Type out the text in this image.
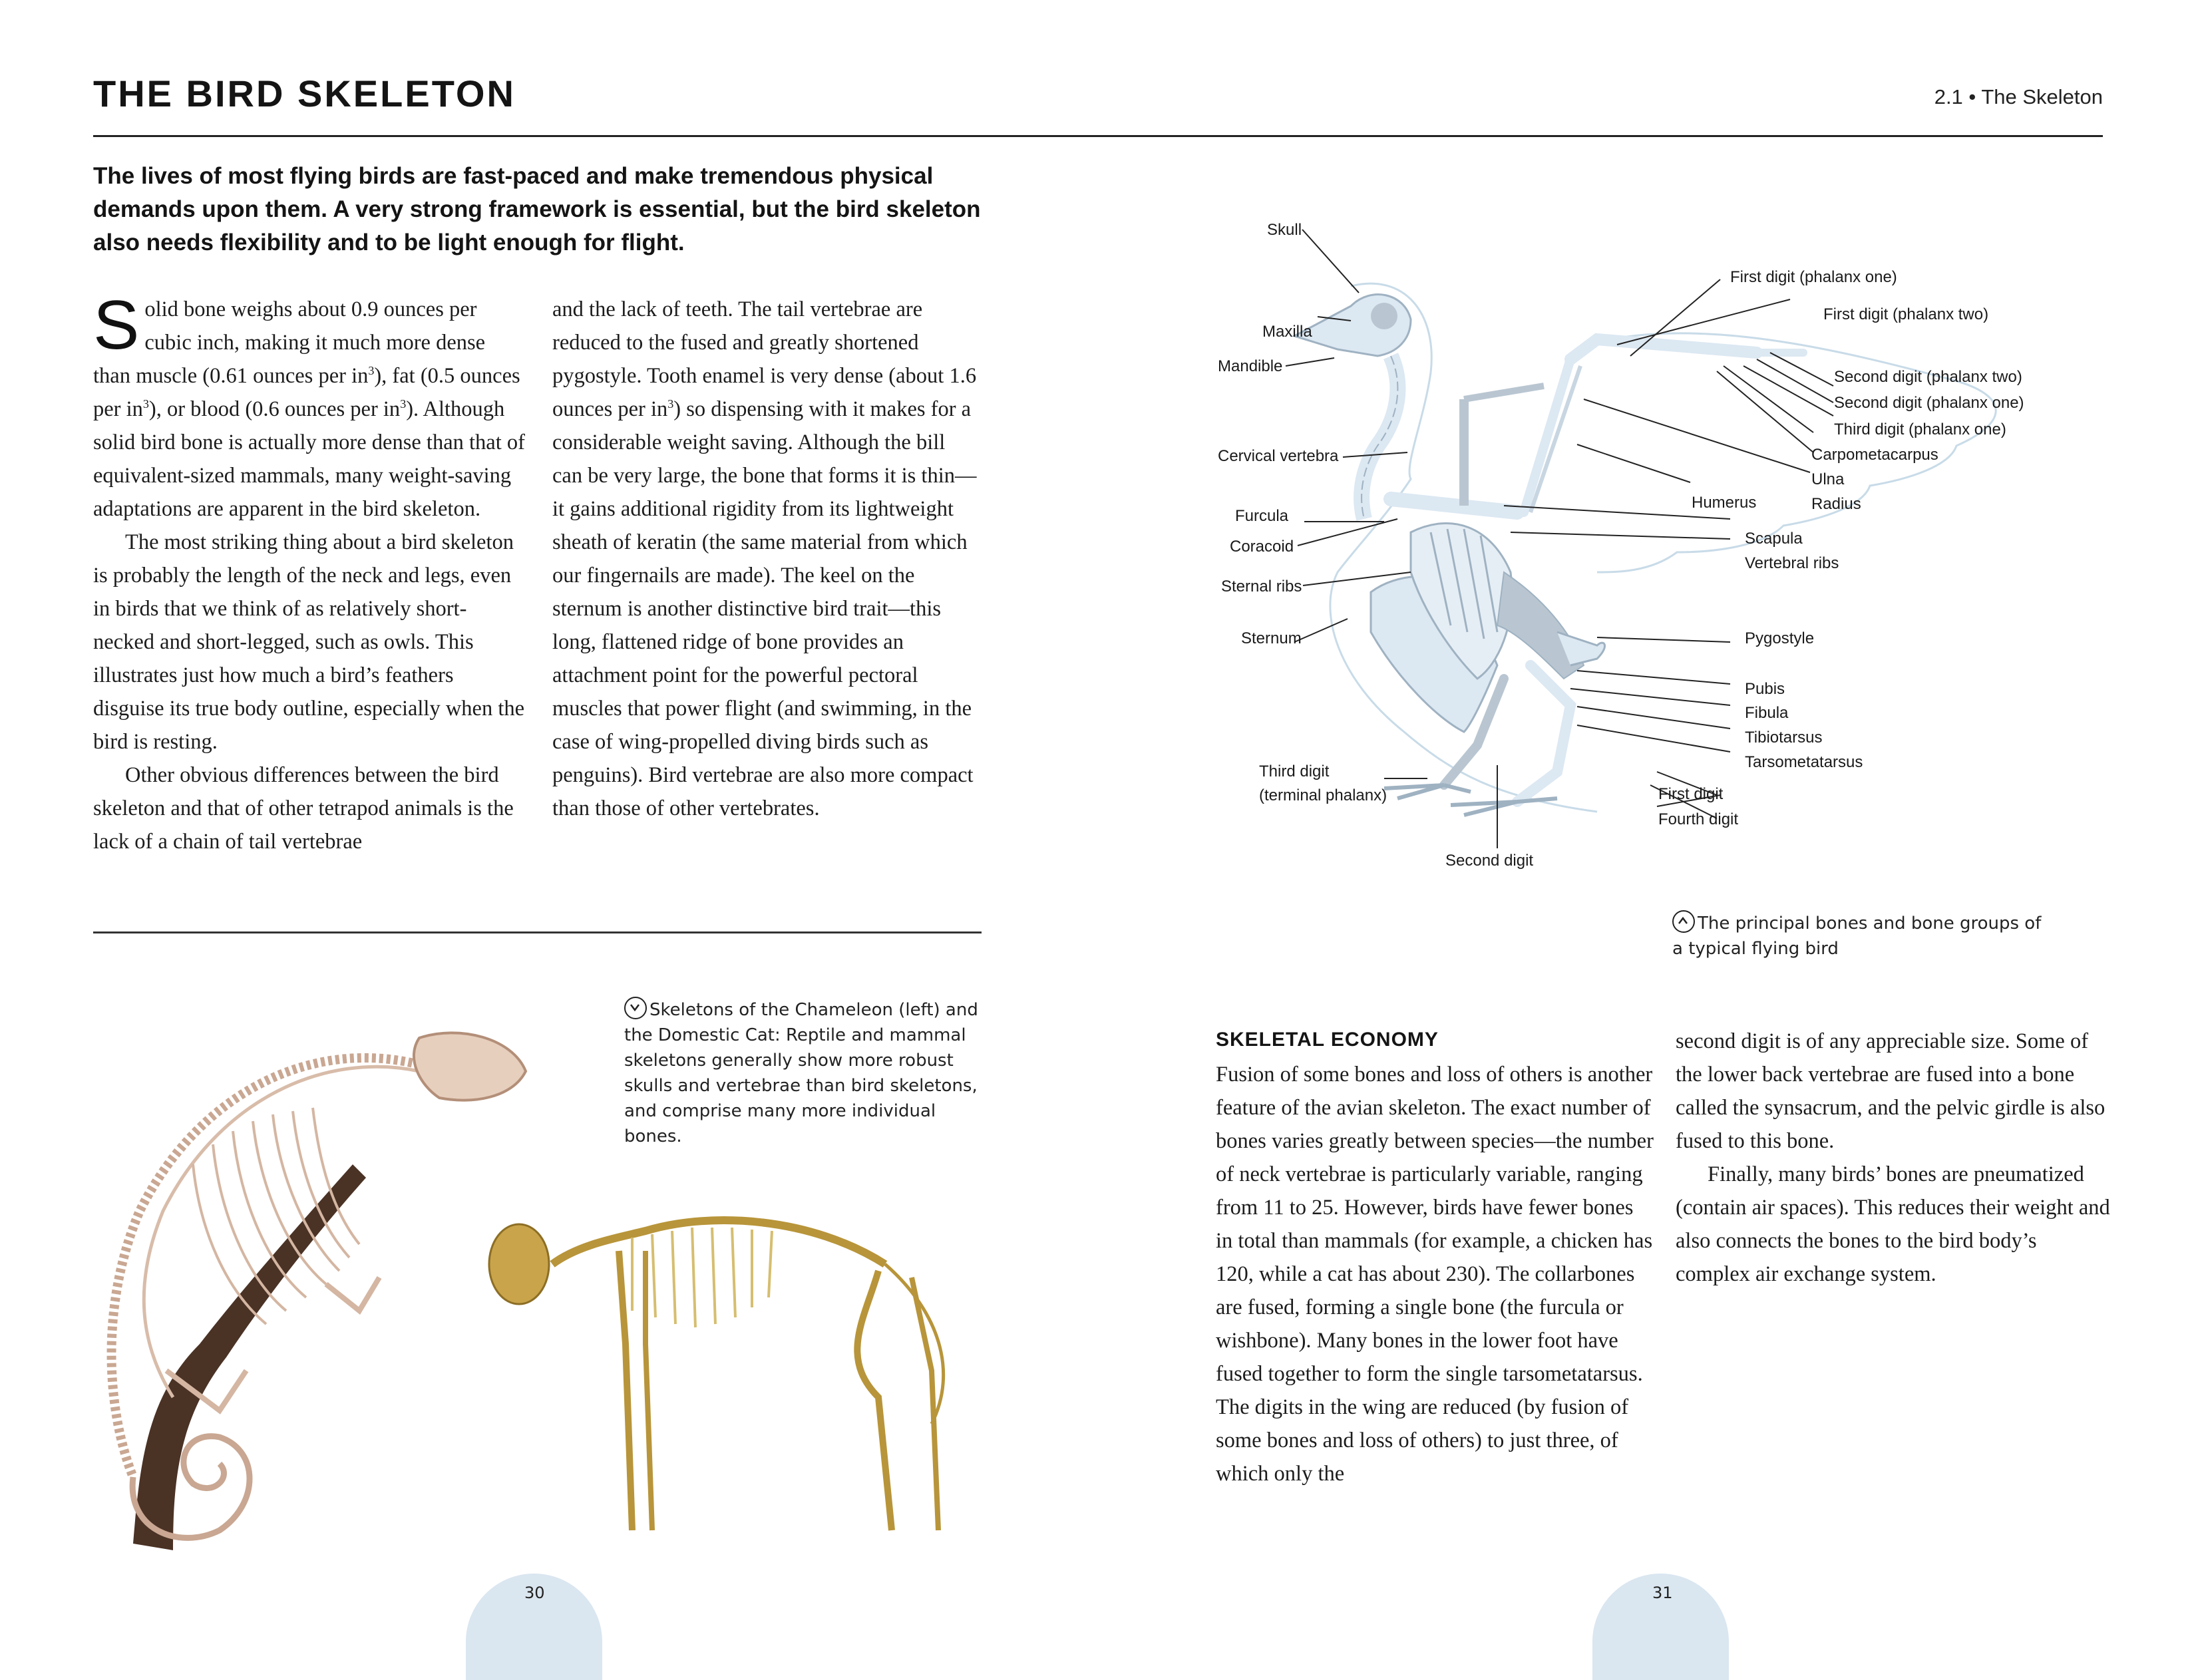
THE BIRD SKELETON	2.1 • The Skeleton
The lives of most flying birds are fast-paced and make tremendous physical demands upon them. A very strong framework is essential, but the bird skeleton also needs flexibility and to be light enough for flight.

Solid bone weighs about 0.9 ounces per cubic inch, making it much more dense than muscle (0.61 ounces per $in^3$), fat (0.5 ounces per $in^3$), or blood (0.6 ounces per $in^3$). Although solid bird bone is actually more dense than that of equivalent-sized mammals, many weight-saving adaptations are apparent in the bird skeleton.

The most striking thing about a bird skeleton is probably the length of the neck and legs, even in birds that we think of as relatively short-necked and short-legged, such as owls. This illustrates just how much a bird’s feathers disguise its true body outline, especially when the bird is resting.

Other obvious differences between the bird skeleton and that of other tetrapod animals is the lack of a chain of tail vertebrae

and the lack of teeth. The tail vertebrae are reduced to the fused and greatly shortened pygostyle. Tooth enamel is very dense (about 1.6 ounces per $in^3$) so dispensing with it makes for a considerable weight saving. Although the bill can be very large, the bone that forms it is thin—it gains additional rigidity from its lightweight sheath of keratin (the same material from which our fingernails are made). The keel on the sternum is another distinctive bird trait—this long, flattened ridge of bone provides an attachment point for the powerful pectoral muscles that power flight (and swimming, in the case of wing-propelled diving birds such as penguins). Bird vertebrae are also more compact than those of other vertebrates.

Skeletons of the Chameleon (left) and the Domestic Cat: Reptile and mammal skeletons generally show more robust skulls and vertebrae than bird skeletons, and comprise many more individual bones.
Skull
Maxilla
Mandible
Cervical vertebra
Furcula
Coracoid
Sternal ribs
Sternum
Third digit
(terminal phalanx)
Second digit
First digit
Fourth digit
First digit (phalanx one)
First digit (phalanx two)
Second digit (phalanx two)
Second digit (phalanx one)
Third digit (phalanx one)
Carpometacarpus
Ulna
Radius
Humerus
Scapula
Vertebral ribs
Pygostyle
Pubis
Fibula
Tibiotarsus
Tarsometatarsus
The principal bones and bone groups of a typical flying bird
SKELETAL ECONOMY

Fusion of some bones and loss of others is another feature of the avian skeleton. The exact number of bones varies greatly between species—the number of neck vertebrae is particularly variable, ranging from 11 to 25. However, birds have fewer bones in total than mammals (for example, a chicken has 120, while a cat has about 230). The collarbones are fused, forming a single bone (the furcula or wishbone). Many bones in the lower foot have fused together to form the single tarsometatarsus. The digits in the wing are reduced (by fusion of some bones and loss of others) to just three, of which only the

second digit is of any appreciable size. Some of the lower back vertebrae are fused into a bone called the synsacrum, and the pelvic girdle is also fused to this bone.

Finally, many birds’ bones are pneumatized (contain air spaces). This reduces their weight and also connects the bones to the bird body’s complex air exchange system.

30	31
